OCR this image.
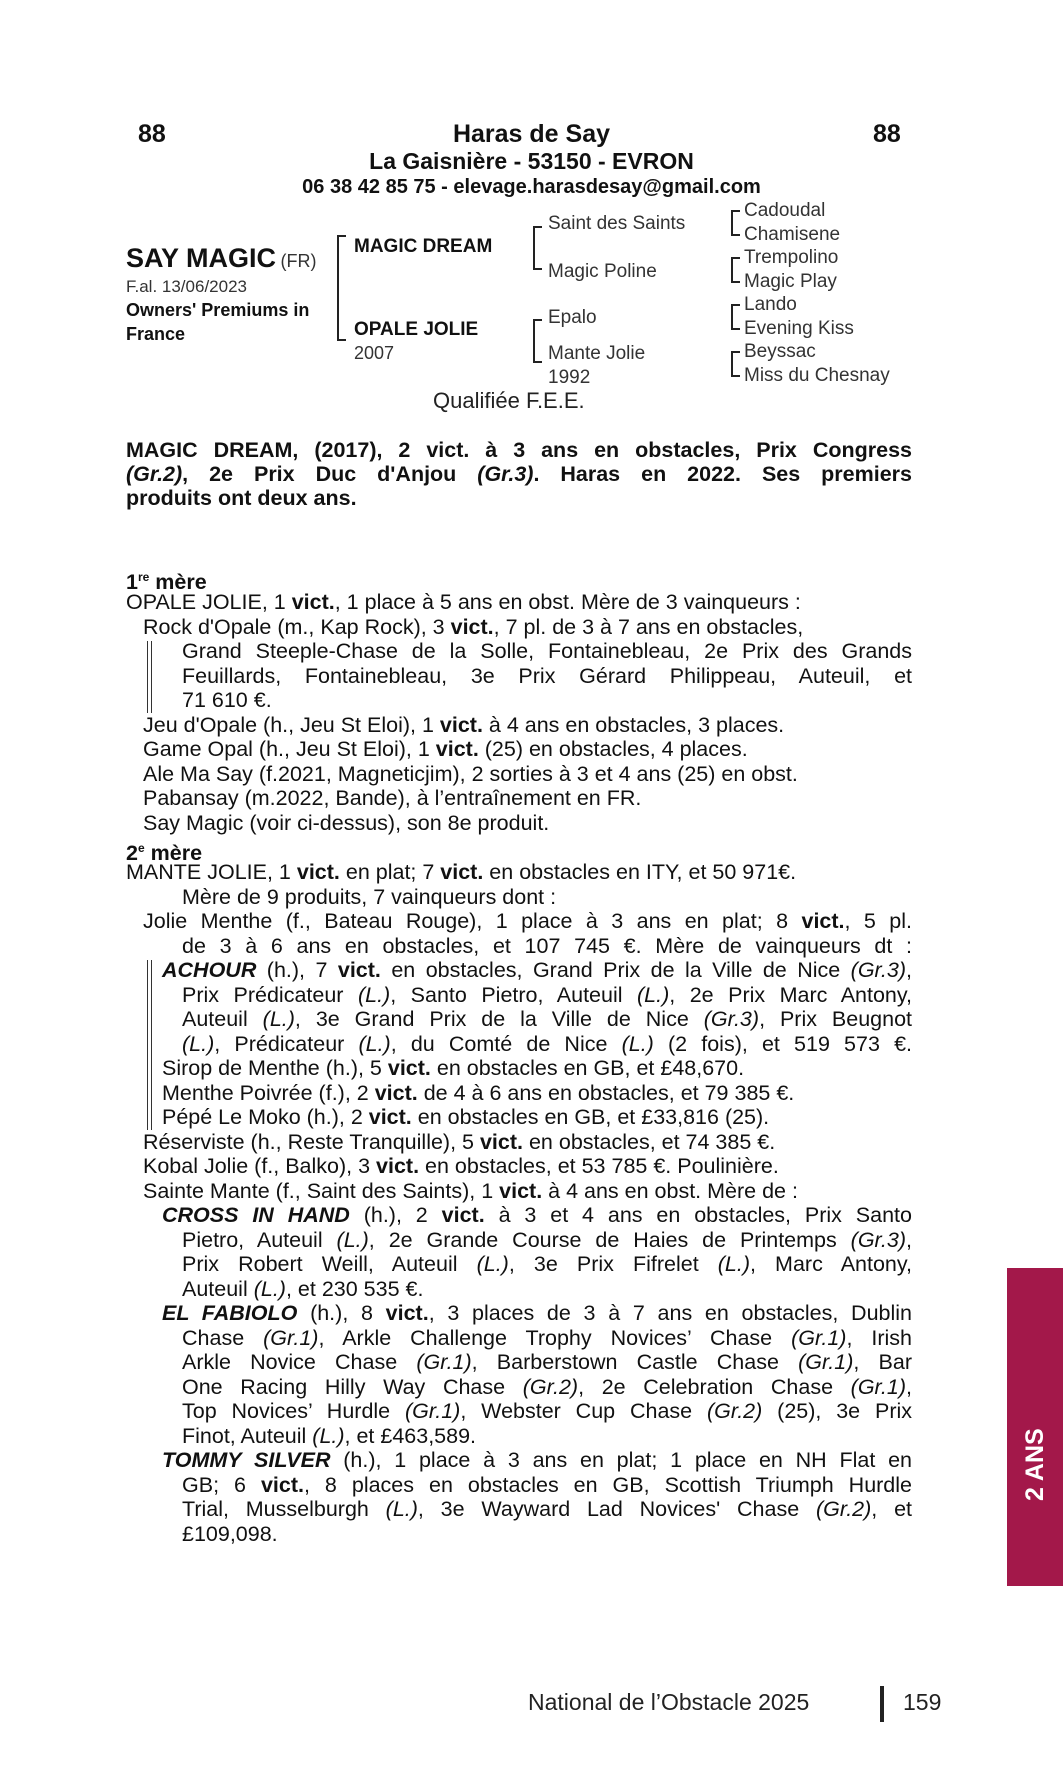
88	88
Haras de Say
La Gaisnière - 53150 - EVRON
06 38 42 85 75 - elevage.harasdesay@gmail.com
SAY MAGIC (FR)
F.al. 13/06/2023
Owners' Premiums in
France
MAGIC DREAM
OPALE JOLIE
2007
Saint des Saints
Magic Poline
Epalo
Mante Jolie
1992
Cadoudal
Chamisene
Trempolino
Magic Play
Lando
Evening Kiss
Beyssac
Miss du Chesnay
Qualifiée F.E.E.
MAGIC DREAM, (2017), 2 vict. à 3 ans en obstacles, Prix Congress
(Gr.2), 2e Prix Duc d'Anjou (Gr.3). Haras en 2022. Ses premiers
produits ont deux ans.
1re mère
OPALE JOLIE, 1 vict., 1 place à 5 ans en obst. Mère de 3 vainqueurs :
Rock d'Opale (m., Kap Rock), 3 vict., 7 pl. de 3 à 7 ans en obstacles,
Grand Steeple-Chase de la Solle, Fontainebleau, 2e Prix des Grands
Feuillards, Fontainebleau, 3e Prix Gérard Philippeau, Auteuil, et
71 610 €.
Jeu d'Opale (h., Jeu St Eloi), 1 vict. à 4 ans en obstacles, 3 places.
Game Opal (h., Jeu St Eloi), 1 vict. (25) en obstacles, 4 places.
Ale Ma Say (f.2021, Magneticjim), 2 sorties à 3 et 4 ans (25) en obst.
Pabansay (m.2022, Bande), à l’entraînement en FR.
Say Magic (voir ci-dessus), son 8e produit.
2e mère
MANTE JOLIE, 1 vict. en plat; 7 vict. en obstacles en ITY, et 50 971€.
Mère de 9 produits, 7 vainqueurs dont :
Jolie Menthe (f., Bateau Rouge), 1 place à 3 ans en plat; 8 vict., 5 pl.
de 3 à 6 ans en obstacles, et 107 745 €. Mère de vainqueurs dt :
ACHOUR (h.), 7 vict. en obstacles, Grand Prix de la Ville de Nice (Gr.3),
Prix Prédicateur (L.), Santo Pietro, Auteuil (L.), 2e Prix Marc Antony,
Auteuil (L.), 3e Grand Prix de la Ville de Nice (Gr.3), Prix Beugnot
(L.), Prédicateur (L.), du Comté de Nice (L.) (2 fois), et 519 573 €.
Sirop de Menthe (h.), 5 vict. en obstacles en GB, et £48,670.
Menthe Poivrée (f.), 2 vict. de 4 à 6 ans en obstacles, et 79 385 €.
Pépé Le Moko (h.), 2 vict. en obstacles en GB, et £33,816 (25).
Réserviste (h., Reste Tranquille), 5 vict. en obstacles, et 74 385 €.
Kobal Jolie (f., Balko), 3 vict. en obstacles, et 53 785 €. Poulinière.
Sainte Mante (f., Saint des Saints), 1 vict. à 4 ans en obst. Mère de :
CROSS IN HAND (h.), 2 vict. à 3 et 4 ans en obstacles, Prix Santo
Pietro, Auteuil (L.), 2e Grande Course de Haies de Printemps (Gr.3),
Prix Robert Weill, Auteuil (L.), 3e Prix Fifrelet (L.), Marc Antony,
Auteuil (L.), et 230 535 €.
EL FABIOLO (h.), 8 vict., 3 places de 3 à 7 ans en obstacles, Dublin
Chase (Gr.1), Arkle Challenge Trophy Novices’ Chase (Gr.1), Irish
Arkle Novice Chase (Gr.1), Barberstown Castle Chase (Gr.1), Bar
One Racing Hilly Way Chase (Gr.2), 2e Celebration Chase (Gr.1),
Top Novices’ Hurdle (Gr.1), Webster Cup Chase (Gr.2) (25), 3e Prix
Finot, Auteuil (L.), et £463,589.
TOMMY SILVER (h.), 1 place à 3 ans en plat; 1 place en NH Flat en
GB; 6 vict., 8 places en obstacles en GB, Scottish Triumph Hurdle
Trial, Musselburgh (L.), 3e Wayward Lad Novices' Chase (Gr.2), et
£109,098.
2 ANS
National de l’Obstacle 2025	159
